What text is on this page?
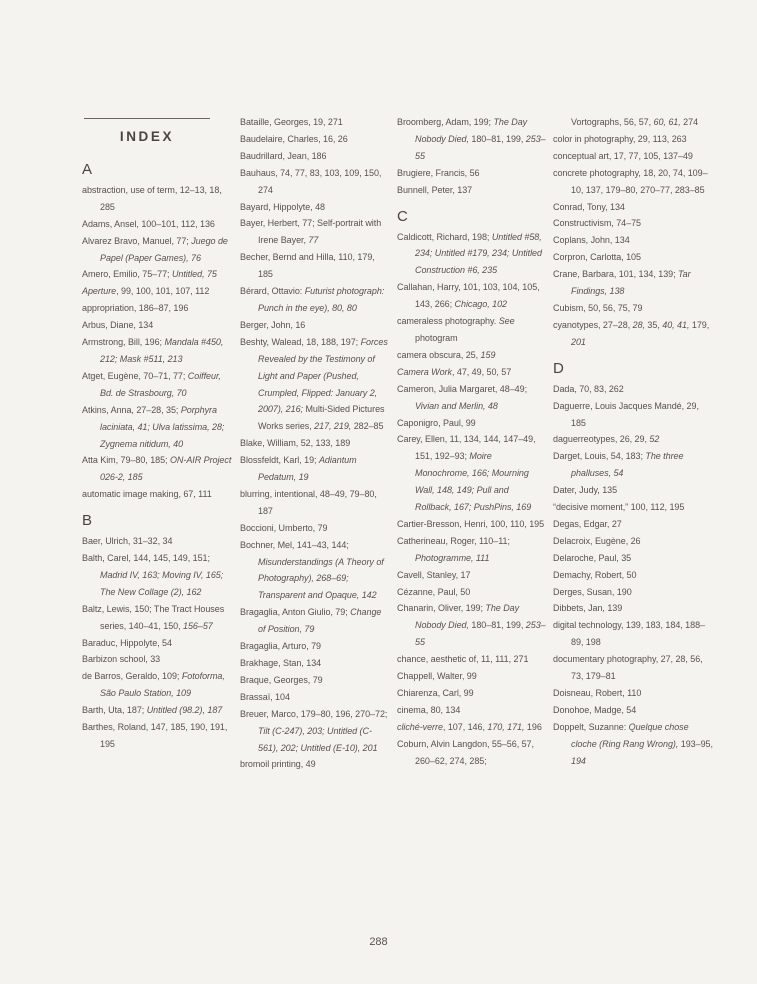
INDEX
A
abstraction, use of term, 12–13, 18, 285
Adams, Ansel, 100–101, 112, 136
Alvarez Bravo, Manuel, 77; Juego de Papel (Paper Games), 76
Amero, Emilio, 75–77; Untitled, 75
Aperture, 99, 100, 101, 107, 112
appropriation, 186–87, 196
Arbus, Diane, 134
Armstrong, Bill, 196; Mandala #450, 212; Mask #511, 213
Atget, Eugène, 70–71, 77; Coiffeur, Bd. de Strasbourg, 70
Atkins, Anna, 27–28, 35; Porphyra laciniata, 41; Ulva latissima, 28; Zygnema nitidum, 40
Atta Kim, 79–80, 185; ON-AIR Project 026-2, 185
automatic image making, 67, 111
B
Baer, Ulrich, 31–32, 34
Balth, Carel, 144, 145, 149, 151; Madrid IV, 163; Moving IV, 165; The New Collage (2), 162
Baltz, Lewis, 150; The Tract Houses series, 140–41, 150, 156–57
Baraduc, Hippolyte, 54
Barbizon school, 33
de Barros, Geraldo, 109; Fotoforma, São Paulo Station, 109
Barth, Uta, 187; Untitled (98.2), 187
Barthes, Roland, 147, 185, 190, 191, 195
Bataille, Georges, 19, 271
Baudelaire, Charles, 16, 26
Baudrillard, Jean, 186
Bauhaus, 74, 77, 83, 103, 109, 150, 274
Bayard, Hippolyte, 48
Bayer, Herbert, 77; Self-portrait with Irene Bayer, 77
Becher, Bernd and Hilla, 110, 179, 185
Bérard, Ottavio: Futurist photograph: Punch in the eye), 80, 80
Berger, John, 16
Beshty, Walead, 18, 188, 197; Forces Revealed by the Testimony of Light and Paper (Pushed, Crumpled, Flipped: January 2, 2007), 216; Multi-Sided Pictures Works series, 217, 219, 282–85
Blake, William, 52, 133, 189
Blossfeldt, Karl, 19; Adiantum Pedatum, 19
blurring, intentional, 48–49, 79–80, 187
Boccioni, Umberto, 79
Bochner, Mel, 141–43, 144; Misunderstandings (A Theory of Photography), 268–69; Transparent and Opaque, 142
Bragaglia, Anton Giulio, 79; Change of Position, 79
Bragaglia, Arturo, 79
Brakhage, Stan, 134
Braque, Georges, 79
Brassaï, 104
Breuer, Marco, 179–80, 196, 270–72; Tilt (C-247), 203; Untitled (C-561), 202; Untitled (E-10), 201
bromoil printing, 49
Broomberg, Adam, 199; The Day Nobody Died, 180–81, 199, 253–55
Brugiere, Francis, 56
Bunnell, Peter, 137
C
Caldicott, Richard, 198; Untitled #58, 234; Untitled #179, 234; Untitled Construction #6, 235
Callahan, Harry, 101, 103, 104, 105, 143, 266; Chicago, 102
cameraless photography. See photogram
camera obscura, 25, 159
Camera Work, 47, 49, 50, 57
Cameron, Julia Margaret, 48–49; Vivian and Merlin, 48
Caponigro, Paul, 99
Carey, Ellen, 11, 134, 144, 147–49, 151, 192–93; Moire Monochrome, 166; Mourning Wall, 148, 149; Pull and Rollback, 167; PushPins, 169
Cartier-Bresson, Henri, 100, 110, 195
Catherineau, Roger, 110–11; Photogramme, 111
Cavell, Stanley, 17
Cézanne, Paul, 50
Chanarin, Oliver, 199; The Day Nobody Died, 180–81, 199, 253–55
chance, aesthetic of, 11, 111, 271
Chappell, Walter, 99
Chiarenza, Carl, 99
cinema, 80, 134
cliché-verre, 107, 146, 170, 171, 196
Coburn, Alvin Langdon, 55–56, 57, 260–62, 274, 285;
Vortographs, 56, 57, 60, 61, 274
color in photography, 29, 113, 263
conceptual art, 17, 77, 105, 137–49
concrete photography, 18, 20, 74, 109–10, 137, 179–80, 270–77, 283–85
Conrad, Tony, 134
Constructivism, 74–75
Coplans, John, 134
Corpron, Carlotta, 105
Crane, Barbara, 101, 134, 139; Tar Findings, 138
Cubism, 50, 56, 75, 79
cyanotypes, 27–28, 28, 35, 40, 41, 179, 201
D
Dada, 70, 83, 262
Daguerre, Louis Jacques Mandé, 29, 185
daguerreotypes, 26, 29, 52
Darget, Louis, 54, 183; The three phalluses, 54
Dater, Judy, 135
“decisive moment,” 100, 112, 195
Degas, Edgar, 27
Delacroix, Eugène, 26
Delaroche, Paul, 35
Demachy, Robert, 50
Derges, Susan, 190
Dibbets, Jan, 139
digital technology, 139, 183, 184, 188–89, 198
documentary photography, 27, 28, 56, 73, 179–81
Doisneau, Robert, 110
Donohoe, Madge, 54
Doppelt, Suzanne: Quelque chose cloche (Ring Rang Wrong), 193–95, 194
288
